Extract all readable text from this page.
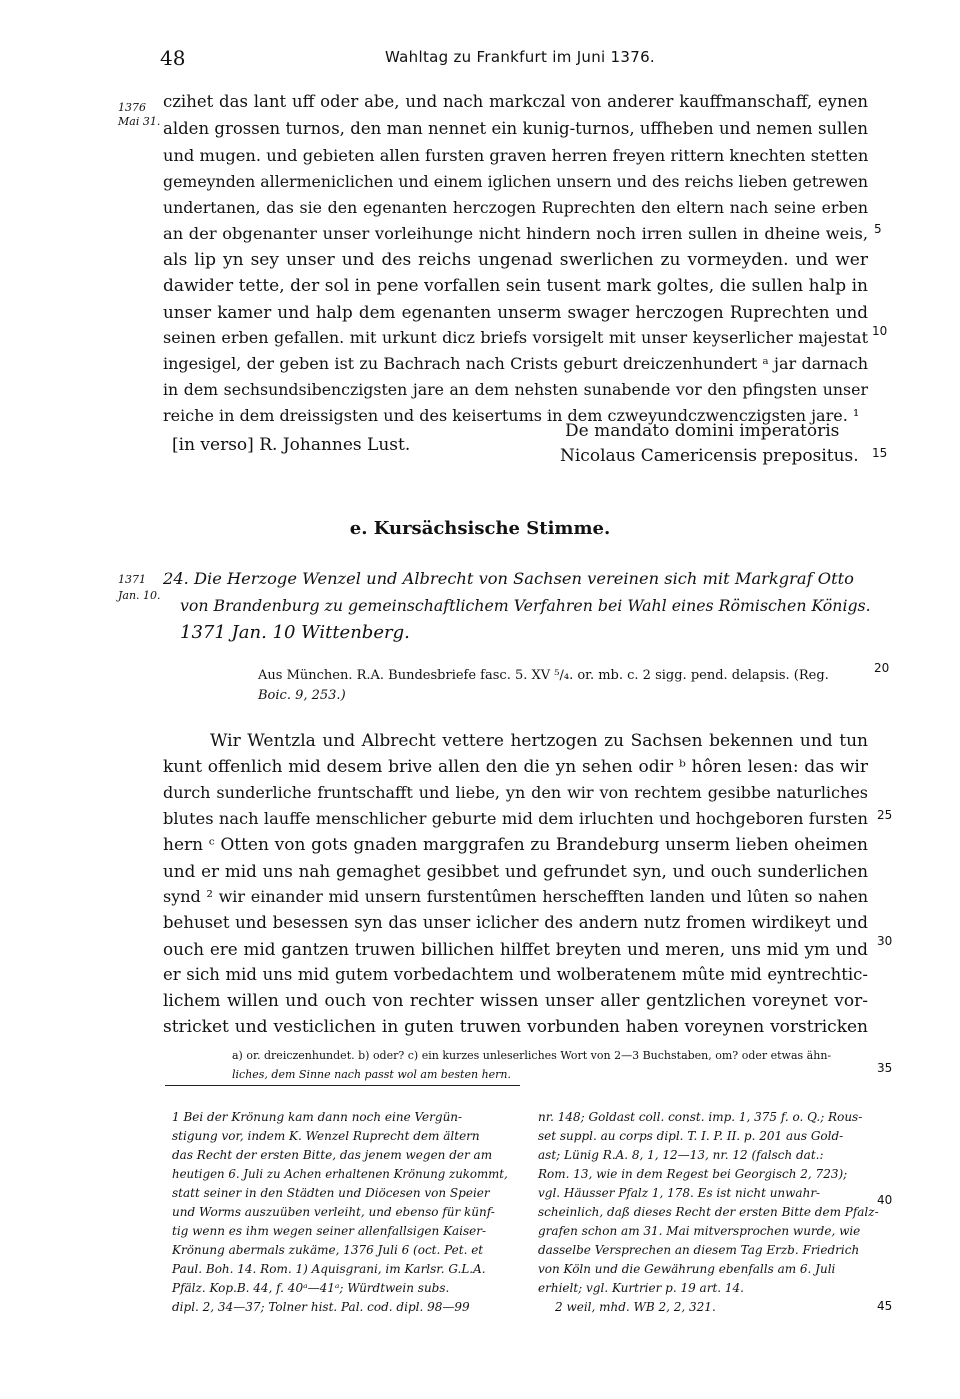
48	Wahltag zu Frankfurt im Juni 1376.
1376
Mai 31.
czihet das lant uff oder abe, und nach markczal von anderer kauffmanschaff, eynen
alden grossen turnos, den man nennet ein kunig-turnos, uffheben und nemen sullen
und mugen. und gebieten allen fursten graven herren freyen rittern knechten stetten
gemeynden allermeniclichen und einem iglichen unsern und des reichs lieben getrewen
undertanen, das sie den egenanten herczogen Ruprechten den eltern nach seine erben
an der obgenanter unser vorleihunge nicht hindern noch irren sullen in dheine weis,
als lip yn sey unser und des reichs ungenad swerlichen zu vormeyden. und wer
dawider tette, der sol in pene vorfallen sein tusent mark goltes, die sullen halp in
unser kamer und halp dem egenanten unserm swager herczogen Ruprechten und
seinen erben gefallen. mit urkunt dicz briefs vorsigelt mit unser keyserlicher majestat
ingesigel, der geben ist zu Bachrach nach Crists geburt dreiczenhundert ᵃ jar darnach
in dem sechsundsibenczigsten jare an dem nehsten sunabende vor den pfingsten unser
reiche in dem dreissigsten und des keisertums in dem czweyundczwenczigsten jare. ¹
De mandato domini imperatoris
[in verso] R. Johannes Lust.
Nicolaus Camericensis prepositus.
5
10
15
20
25
30
35
40
45
e. Kursächsische Stimme.
1371
Jan. 10.
24. Die Herzoge Wenzel und Albrecht von Sachsen vereinen sich mit Markgraf Otto
von Brandenburg zu gemeinschaftlichem Verfahren bei Wahl eines Römischen Königs.
1371 Jan. 10 Wittenberg.
Aus München. R.A. Bundesbriefe fasc. 5. XV ⁵/₄. or. mb. c. 2 sigg. pend. delapsis. (Reg.
Boic. 9, 253.)
Wir Wentzla und Albrecht vettere hertzogen zu Sachsen bekennen und tun
kunt offenlich mid desem brive allen den die yn sehen odir ᵇ hôren lesen: das wir
durch sunderliche fruntschafft und liebe, yn den wir von rechtem gesibbe naturliches
blutes nach lauffe menschlicher geburte mid dem irluchten und hochgeboren fursten
hern ᶜ Otten von gots gnaden marggrafen zu Brandeburg unserm lieben oheimen
und er mid uns nah gemaghet gesibbet und gefrundet syn, und ouch sunderlichen
synd ² wir einander mid unsern furstentûmen herschefften landen und lûten so nahen
behuset und besessen syn das unser iclicher des andern nutz fromen wirdikeyt und
ouch ere mid gantzen truwen billichen hilffet breyten und meren, uns mid ym und
er sich mid uns mid gutem vorbedachtem und wolberatenem mûte mid eyntrechtic-
lichem willen und ouch von rechter wissen unser aller gentzlichen voreynet vor-
stricket und vesticlichen in guten truwen vorbunden haben voreynen vorstricken
a) or. dreiczenhundet. b) oder? c) ein kurzes unleserliches Wort von 2—3 Buchstaben, om? oder etwas ähn-
liches, dem Sinne nach passt wol am besten hern.
1 Bei der Krönung kam dann noch eine Vergün-
stigung vor, indem K. Wenzel Ruprecht dem ältern
das Recht der ersten Bitte, das jenem wegen der am
heutigen 6. Juli zu Achen erhaltenen Krönung zukommt,
statt seiner in den Städten und Diöcesen von Speier
und Worms auszuüben verleiht, und ebenso für künf-
tig wenn es ihm wegen seiner allenfallsigen Kaiser-
Krönung abermals zukäme, 1376 Juli 6 (oct. Pet. et
Paul. Boh. 14. Rom. 1) Aquisgrani, im Karlsr. G.L.A.
Pfälz. Kop.B. 44, f. 40ᵃ—41ᵃ; Würdtwein subs.
dipl. 2, 34—37; Tolner hist. Pal. cod. dipl. 98—99
nr. 148; Goldast coll. const. imp. 1, 375 f. o. Q.; Rous-
set suppl. au corps dipl. T. I. P. II. p. 201 aus Gold-
ast; Lünig R.A. 8, 1, 12—13, nr. 12 (falsch dat.:
Rom. 13, wie in dem Regest bei Georgisch 2, 723);
vgl. Häusser Pfalz 1, 178. Es ist nicht unwahr-
scheinlich, daß dieses Recht der ersten Bitte dem Pfalz-
grafen schon am 31. Mai mitversprochen wurde, wie
dasselbe Versprechen an diesem Tag Erzb. Friedrich
von Köln und die Gewährung ebenfalls am 6. Juli
erhielt; vgl. Kurtrier p. 19 art. 14.
2 weil, mhd. WB 2, 2, 321.
